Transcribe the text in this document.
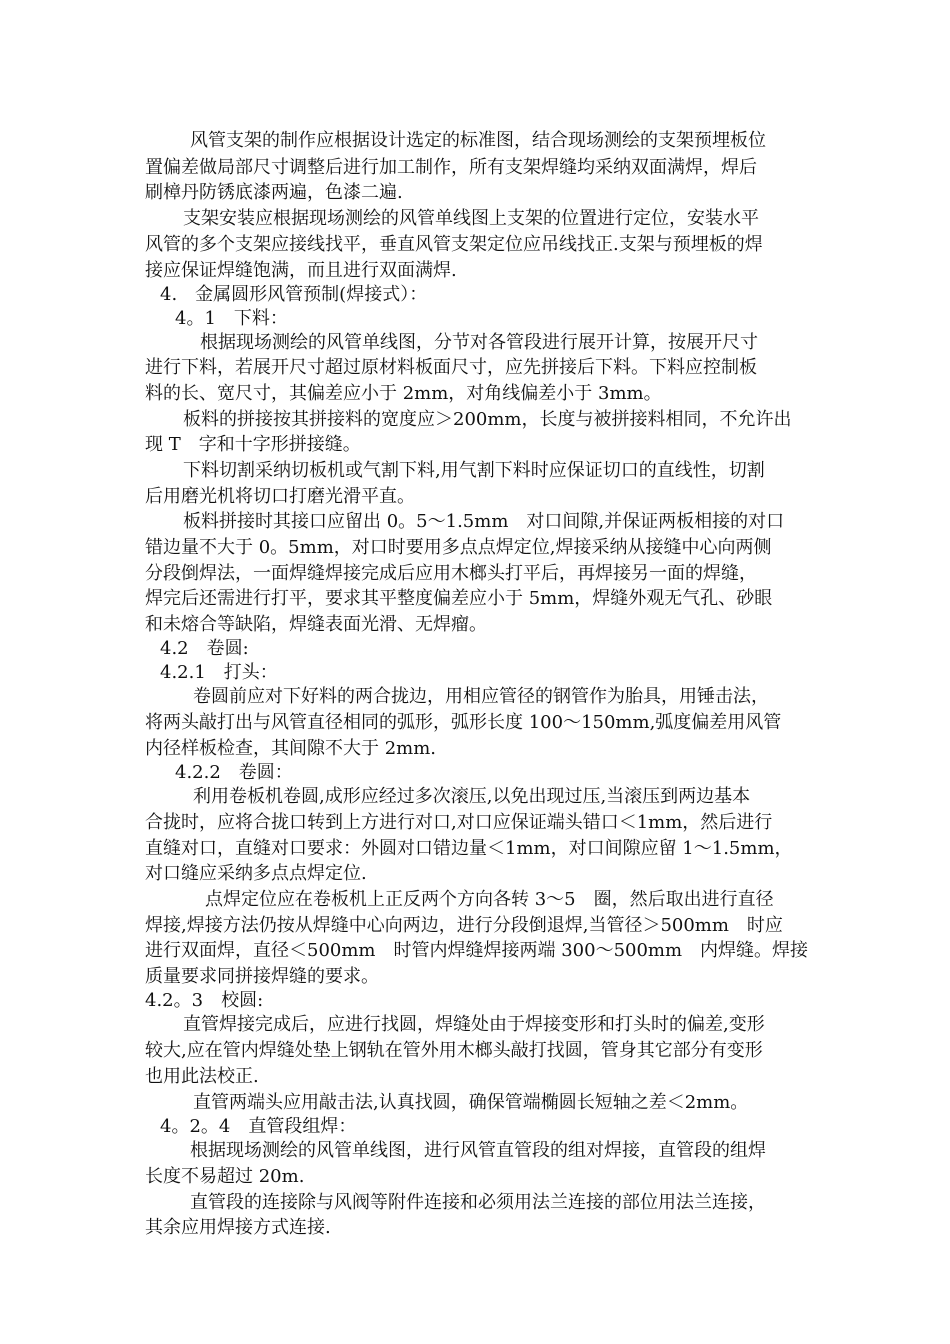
风管支架的制作应根据设计选定的标准图，结合现场测绘的支架预埋板位
置偏差做局部尺寸调整后进行加工制作，所有支架焊缝均采纳双面满焊，焊后
刷樟丹防锈底漆两遍，色漆二遍.
支架安装应根据现场测绘的风管单线图上支架的位置进行定位，安装水平
风管的多个支架应接线找平，垂直风管支架定位应吊线找正.支架与预埋板的焊
接应保证焊缝饱满，而且进行双面满焊.
4.　金属圆形风管预制(焊接式）：
4。1　下料：
根据现场测绘的风管单线图，分节对各管段进行展开计算，按展开尺寸
进行下料，若展开尺寸超过原材料板面尺寸，应先拼接后下料。下料应控制板
料的长、宽尺寸，其偏差应小于 2mm，对角线偏差小于 3mm。
板料的拼接按其拼接料的宽度应＞200mm，长度与被拼接料相同，不允许出
现 T　字和十字形拼接缝。
下料切割采纳切板机或气割下料,用气割下料时应保证切口的直线性，切割
后用磨光机将切口打磨光滑平直。
板料拼接时其接口应留出 0。5～1.5mm　对口间隙,并保证两板相接的对口
错边量不大于 0。5mm，对口时要用多点点焊定位,焊接采纳从接缝中心向两侧
分段倒焊法，一面焊缝焊接完成后应用木榔头打平后，再焊接另一面的焊缝，
焊完后还需进行打平，要求其平整度偏差应小于 5mm，焊缝外观无气孔、砂眼
和未熔合等缺陷，焊缝表面光滑、无焊瘤。
4.2　卷圆:
4.2.1　打头：
卷圆前应对下好料的两合拢边，用相应管径的钢管作为胎具，用锤击法，
将两头敲打出与风管直径相同的弧形，弧形长度 100～150mm,弧度偏差用风管
内径样板检查，其间隙不大于 2mm.
4.2.2　卷圆：
利用卷板机卷圆,成形应经过多次滚压,以免出现过压,当滚压到两边基本
合拢时，应将合拢口转到上方进行对口,对口应保证端头错口＜1mm，然后进行
直缝对口，直缝对口要求：外圆对口错边量＜1mm，对口间隙应留 1～1.5mm，
对口缝应采纳多点点焊定位.
点焊定位应在卷板机上正反两个方向各转 3～5　圈，然后取出进行直径
焊接,焊接方法仍按从焊缝中心向两边，进行分段倒退焊,当管径＞500mm　时应
进行双面焊，直径＜500mm　时管内焊缝焊接两端 300～500mm　内焊缝。焊接
质量要求同拼接焊缝的要求。
4.2。3　校圆:
直管焊接完成后，应进行找圆，焊缝处由于焊接变形和打头时的偏差,变形
较大,应在管内焊缝处垫上钢轨在管外用木榔头敲打找圆，管身其它部分有变形
也用此法校正.
直管两端头应用敲击法,认真找圆，确保管端椭圆长短轴之差＜2mm。
4。2。4　直管段组焊：
根据现场测绘的风管单线图，进行风管直管段的组对焊接，直管段的组焊
长度不易超过 20m.
直管段的连接除与风阀等附件连接和必须用法兰连接的部位用法兰连接，
其余应用焊接方式连接.
